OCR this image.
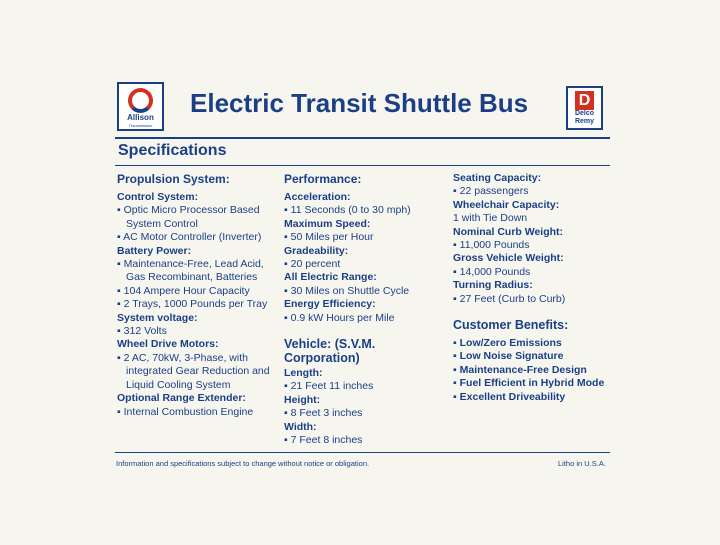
Allison
Transmission
Electric Transit Shuttle Bus	D
Delco
Remy
Specifications
Propulsion System:
Control System:
▪ Optic Micro Processor Based System Control
▪ AC Motor Controller (Inverter)
Battery Power:
▪ Maintenance-Free, Lead Acid, Gas Recombinant, Batteries
▪ 104 Ampere Hour Capacity
▪ 2 Trays, 1000 Pounds per Tray
System voltage:
▪ 312 Volts
Wheel Drive Motors:
▪ 2 AC, 70kW, 3-Phase, with integrated Gear Reduction and Liquid Cooling System
Optional Range Extender:
▪ Internal Combustion Engine
Performance:
Acceleration:
▪ 11 Seconds (0 to 30 mph)
Maximum Speed:
▪ 50 Miles per Hour
Gradeability:
▪ 20 percent
All Electric Range:
▪ 30 Miles on Shuttle Cycle
Energy Efficiency:
▪ 0.9 kW Hours per Mile
Vehicle: (S.V.M.
Corporation)
Length:
▪ 21 Feet 11 inches
Height:
▪ 8 Feet 3 inches
Width:
▪ 7 Feet 8 inches
Seating Capacity:
▪ 22 passengers
Wheelchair Capacity:
1 with Tie Down
Nominal Curb Weight:
▪ 11,000 Pounds
Gross Vehicle Weight:
▪ 14,000 Pounds
Turning Radius:
▪ 27 Feet (Curb to Curb)
Customer Benefits:
▪ Low/Zero Emissions
▪ Low Noise Signature
▪ Maintenance-Free Design
▪ Fuel Efficient in Hybrid Mode
▪ Excellent Driveability
Information and specifications subject to change without notice or obligation.	Litho in U.S.A.
